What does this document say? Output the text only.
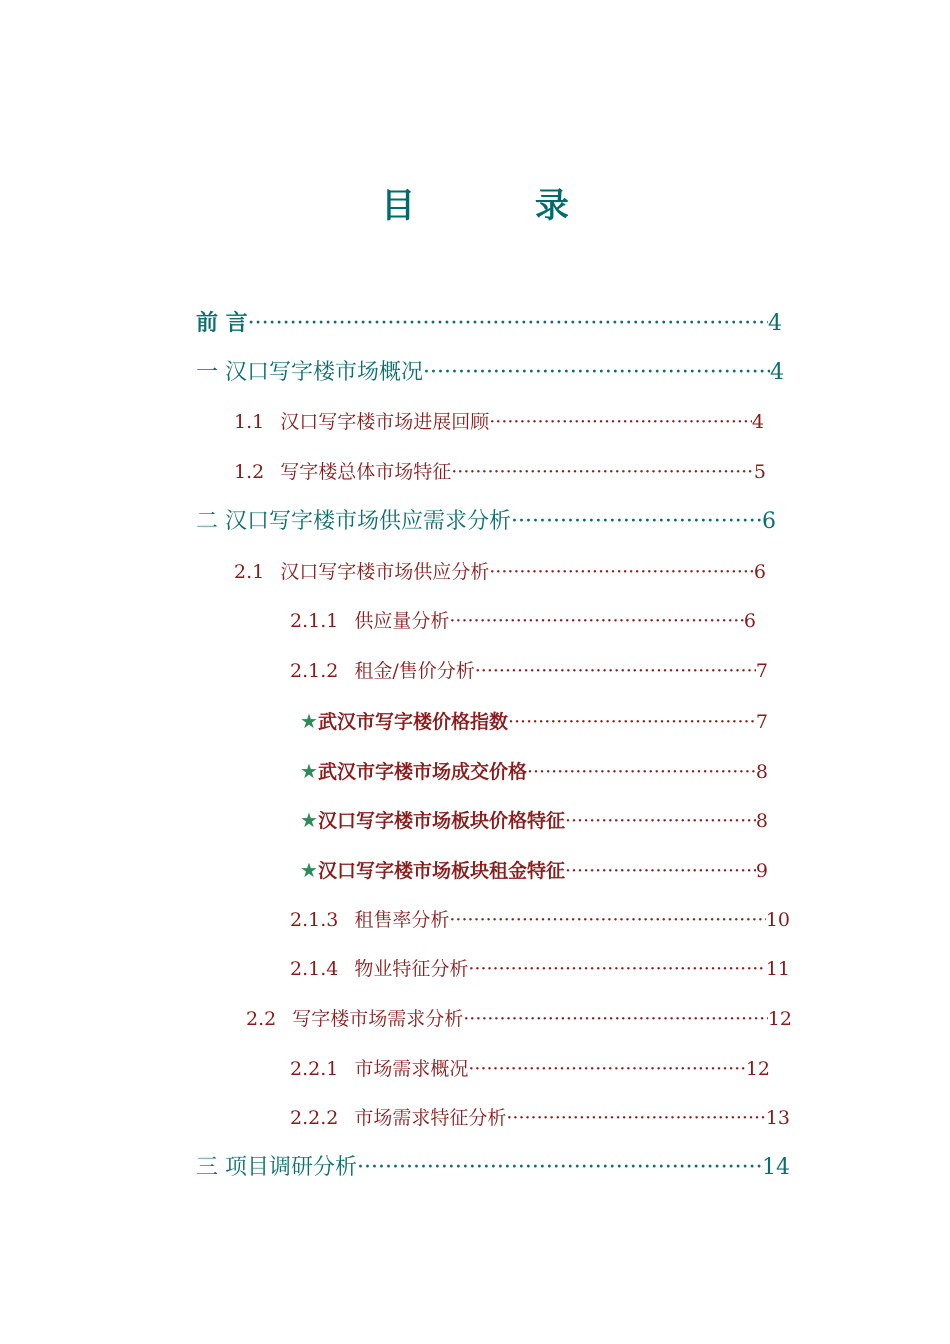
目 录
前 言 ·····	4
一 汉口写字楼市场概况 ·····	4
1.1 汉口写字楼市场进展回顾 ·····	4
1.2 写字楼总体市场特征 ·····	5
二 汉口写字楼市场供应需求分析 ·····	6
2.1 汉口写字楼市场供应分析 ·····	6
2.1.1 供应量分析 ·····	6
2.1.2 租金/售价分析 ·····	7
★ 武汉市写字楼价格指数 ·····	7
★ 武汉市字楼市场成交价格 ·····	8
★ 汉口写字楼市场板块价格特征 ·····	8
★ 汉口写字楼市场板块租金特征 ·····	9
2.1.3 租售率分析 ·····	10
2.1.4 物业特征分析 ·····	11
2.2 写字楼市场需求分析 ·····	12
2.2.1 市场需求概况 ·····	12
2.2.2 市场需求特征分析 ·····	13
三 项目调研分析 ·····	14
